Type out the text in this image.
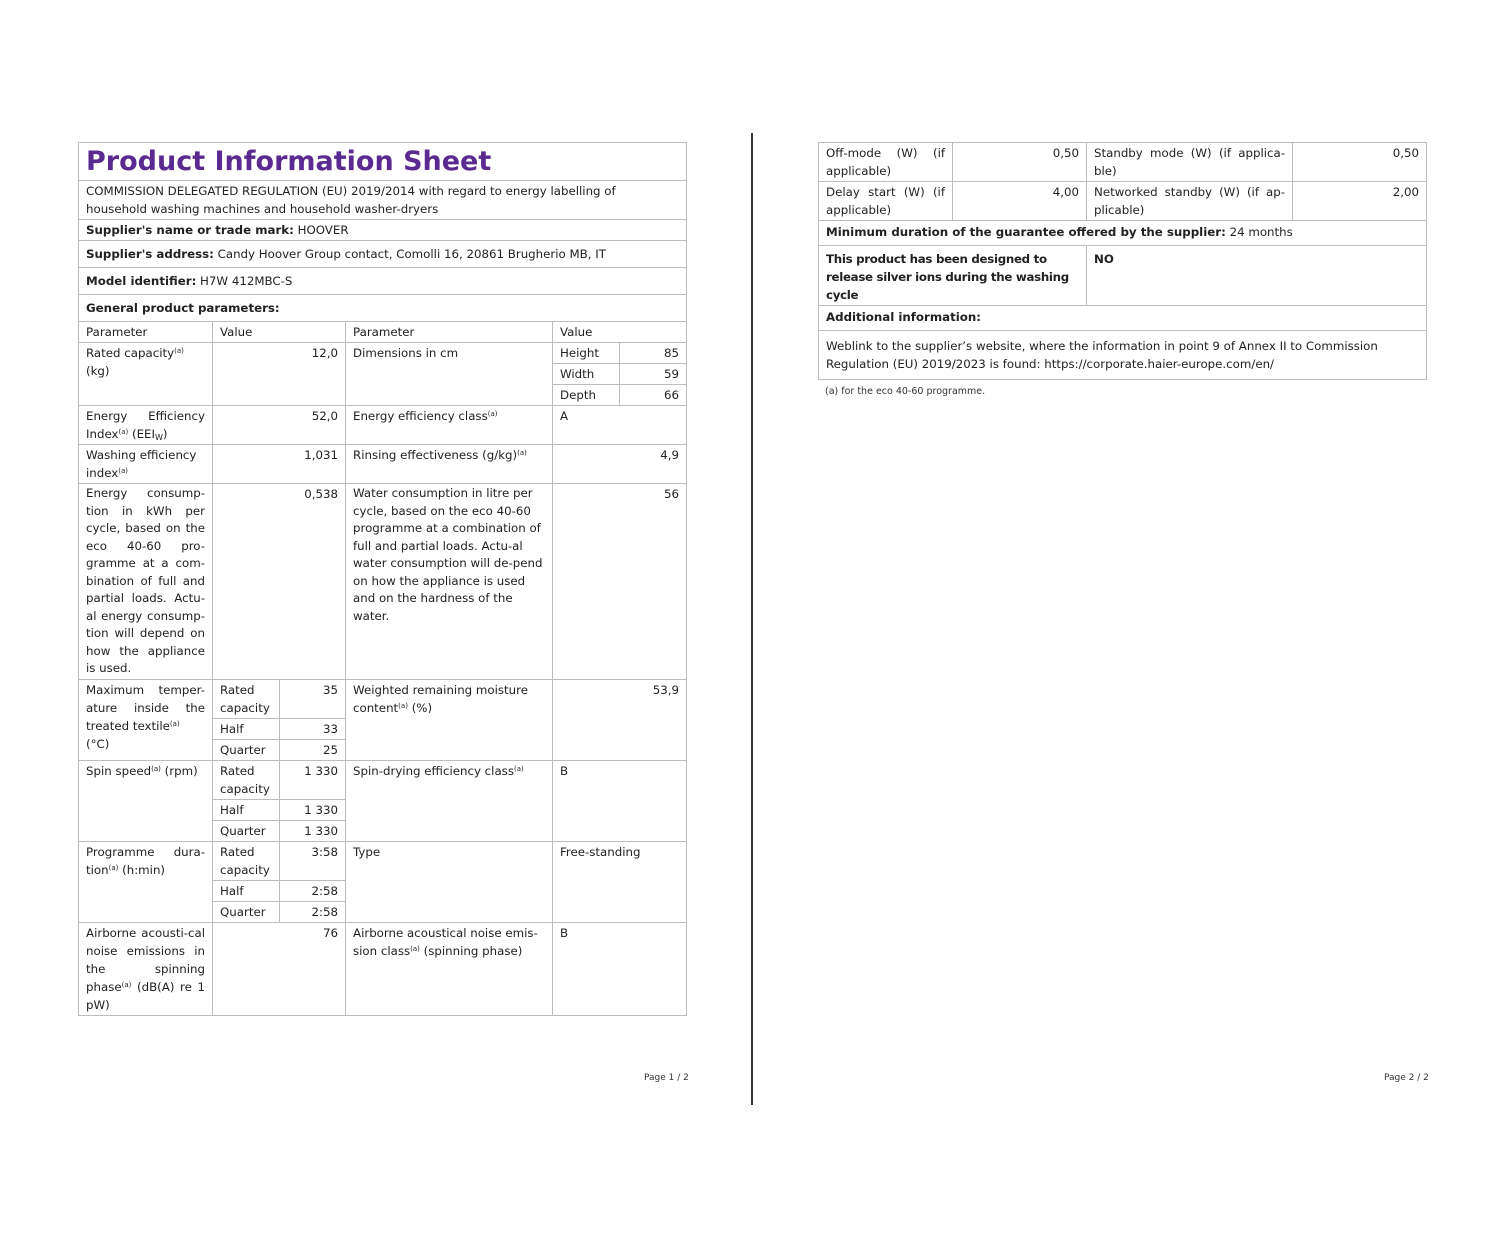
Product Information Sheet					
COMMISSION DELEGATED REGULATION (EU) 2019/2014 with regard to energy labelling of household washing machines and household washer-dryers					
Supplier's name or trade mark: HOOVER					
Supplier's address: Candy Hoover Group contact, Comolli 16, 20861 Brugherio MB, IT					
Model identifier: H7W 412MBC-S					
General product parameters:					
Parameter	Value		Parameter	Value	
Rated capacity$^{(a)}$
(kg)	12,0		Dimensions in cm	Height	85
				Width	59
				Depth	66
Energy Efficiency Index$^{(a)}$ $(EEI_W)$	52,0		Energy efficiency class$^{(a)}$	A	
Washing efficiency index$^{(a)}$	1,031		Rinsing effectiveness $(g/kg)^{(a)}$	4,9	
Energy consump-tion in kWh per cycle, based on the eco 40-60 pro-gramme at a com-bination of full and partial loads. Actu-al energy consump-tion will depend on how the appliance is used.	0,538		Water consumption in litre per cycle, based on the eco 40-60 programme at a combination of full and partial loads. Actu-al water consumption will de-pend on how the appliance is used and on the hardness of the water.	56	
Maximum temper-ature inside the treated textile$^{(a)}$
(°C)	Rated capacity	35	Weighted remaining moisture content$^{(a)}$ (%)	53,9	
	Half	33			
	Quarter	25			
Spin speed$^{(a)}$ (rpm)	Rated capacity	1 330	Spin-drying efficiency class$^{(a)}$	B	
	Half	1 330			
	Quarter	1 330			
Programme dura-tion$^{(a)}$ (h:min)	Rated capacity	3:58	Type	Free-standing	
	Half	2:58			
	Quarter	2:58			
Airborne acousti-cal noise emissions in the spinning phase$^{(a)}$ (dB(A) re 1 pW)	76		Airborne acoustical noise emis-sion class$^{(a)}$ (spinning phase)	B	
Off-mode (W) (if applicable)	0,50	Standby mode (W) (if applica-ble)	0,50
Delay start (W) (if applicable)	4,00	Networked standby (W) (if ap-plicable)	2,00
Minimum duration of the guarantee offered by the supplier: 24 months			
This product has been designed to release silver ions during the washing cycle		NO	
Additional information:			
Weblink to the supplier’s website, where the information in point 9 of Annex II to Commission Regulation (EU) 2019/2023 is found: https://corporate.haier-europe.com/en/			
(a) for the eco 40-60 programme.
Page 1 / 2	Page 2 / 2
